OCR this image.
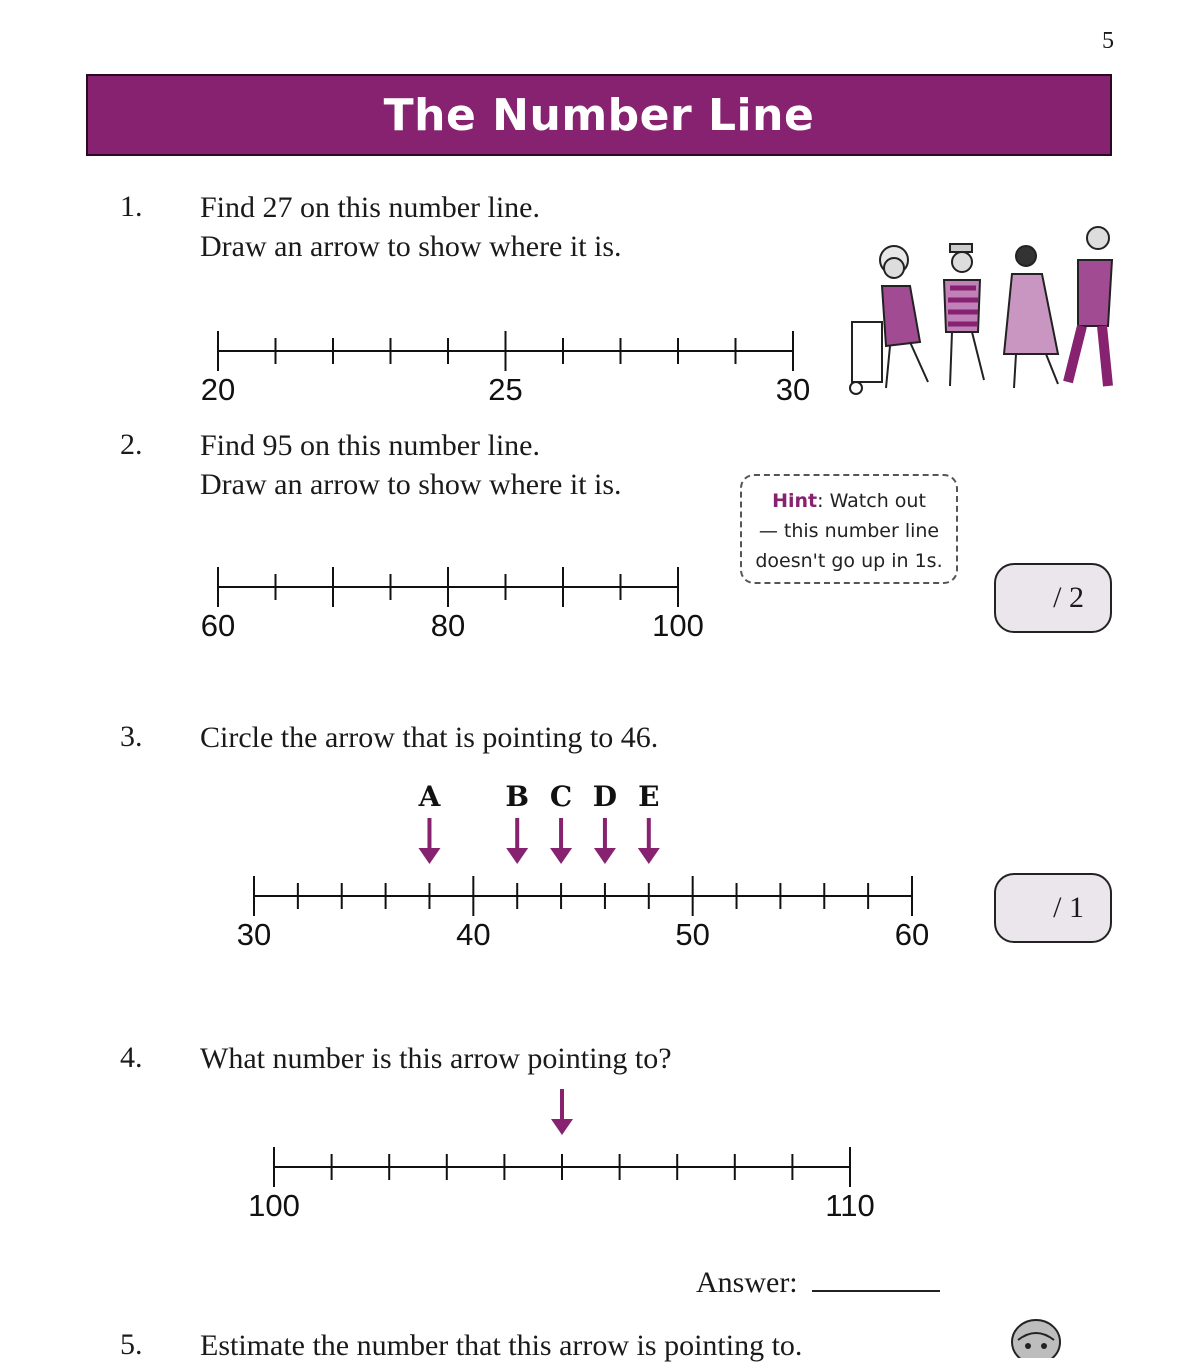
5
The Number Line
1. Find 27 on this number line.
Draw an arrow to show where it is.
2. Find 95 on this number line.
Draw an arrow to show where it is.
3. Circle the arrow that is pointing to 46.
4. What number is this arrow pointing to?
5. Estimate the number that this arrow is pointing to.
20	25	30
60	80	100
30	40	50	60
A B C D E
100	110
Hint: Watch out
— this number line
doesn't go up in 1s.
/ 2
/ 1
Answer:
